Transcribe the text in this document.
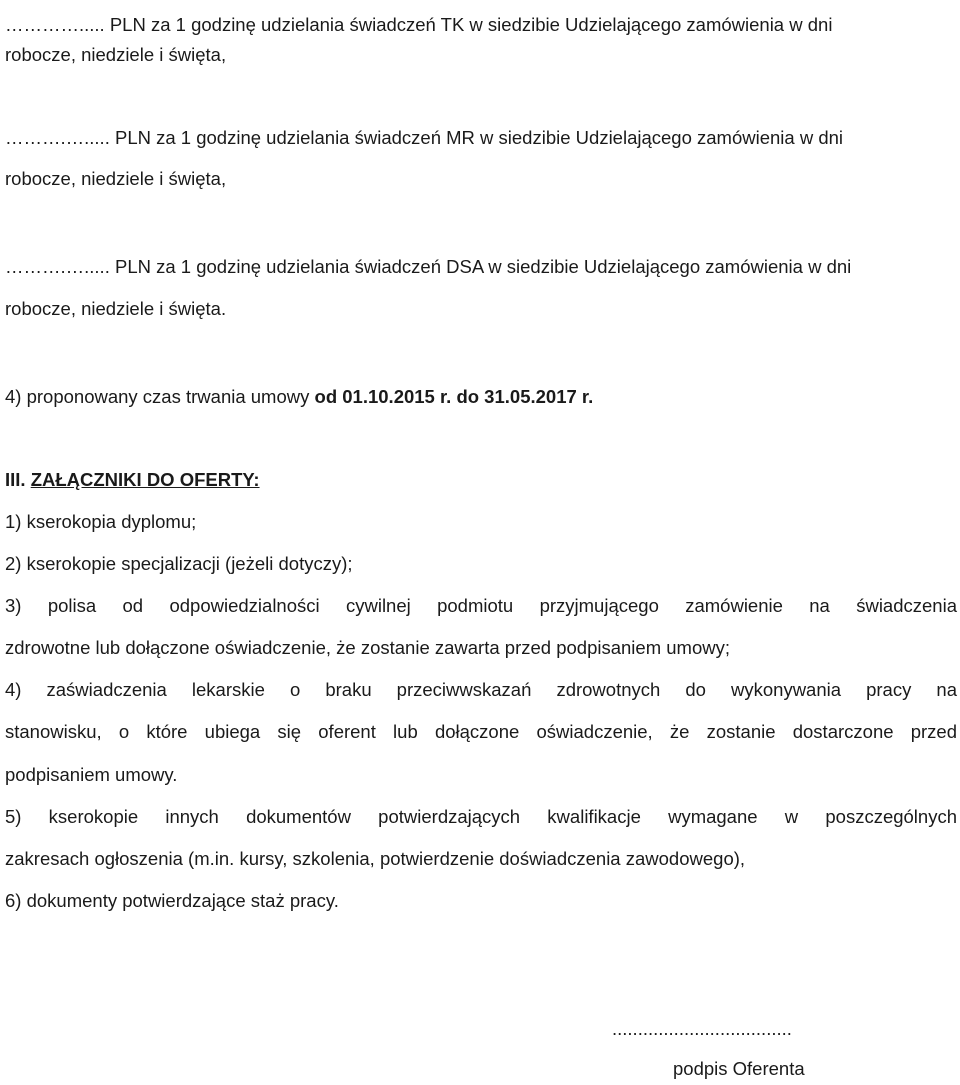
…………..... PLN za 1 godzinę udzielania świadczeń TK w siedzibie Udzielającego zamówienia w dni
robocze, niedziele i święta,
……….…..... PLN za 1 godzinę udzielania świadczeń MR w siedzibie Udzielającego zamówienia w dni
robocze, niedziele i święta,
……….…..... PLN za 1 godzinę udzielania świadczeń DSA w siedzibie Udzielającego zamówienia w dni
robocze, niedziele i święta.
4) proponowany czas trwania umowy od 01.10.2015 r. do 31.05.2017 r.
III. ZAŁĄCZNIKI DO OFERTY:
1) kserokopia dyplomu;
2) kserokopie specjalizacji (jeżeli dotyczy);
3) polisa od odpowiedzialności cywilnej podmiotu przyjmującego zamówienie na świadczenia
zdrowotne lub dołączone oświadczenie, że zostanie zawarta przed podpisaniem umowy;
4) zaświadczenia lekarskie o braku przeciwwskazań zdrowotnych do wykonywania pracy na
stanowisku, o które ubiega się oferent lub dołączone oświadczenie, że zostanie dostarczone przed
podpisaniem umowy.
5) kserokopie innych dokumentów potwierdzających kwalifikacje wymagane w poszczególnych
zakresach ogłoszenia (m.in. kursy, szkolenia, potwierdzenie doświadczenia zawodowego),
6) dokumenty potwierdzające staż pracy.
...................................
podpis Oferenta
